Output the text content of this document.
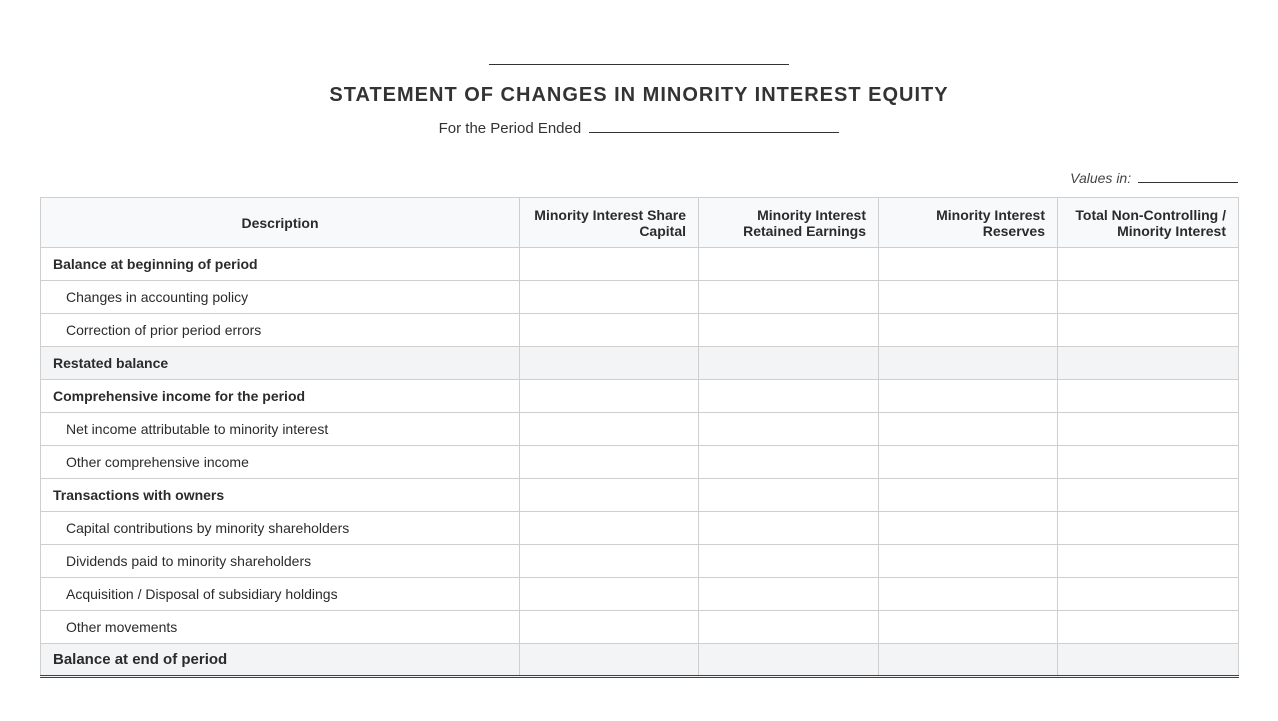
STATEMENT OF CHANGES IN MINORITY INTEREST EQUITY
For the Period Ended
Values in:
Description	Minority Interest Share Capital	Minority Interest Retained Earnings	Minority Interest Reserves	Total Non-Controlling / Minority Interest
Balance at beginning of period				
Changes in accounting policy				
Correction of prior period errors				
Restated balance				
Comprehensive income for the period				
Net income attributable to minority interest				
Other comprehensive income				
Transactions with owners				
Capital contributions by minority shareholders				
Dividends paid to minority shareholders				
Acquisition / Disposal of subsidiary holdings				
Other movements				
Balance at end of period				
